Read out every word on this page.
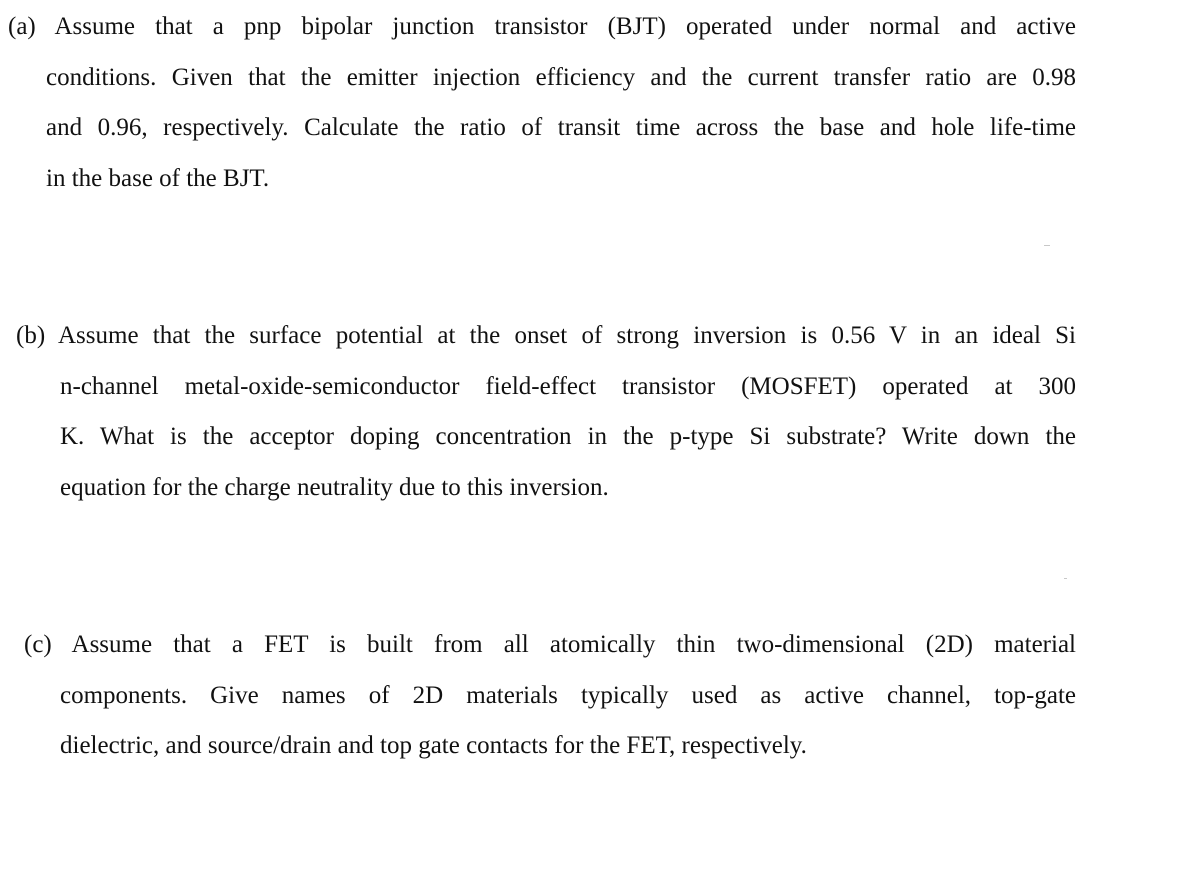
(a) Assume that a pnp bipolar junction transistor (BJT) operated under normal and active
conditions. Given that the emitter injection efficiency and the current transfer ratio are 0.98
and 0.96, respectively. Calculate the ratio of transit time across the base and hole life-time
in the base of the BJT.
(b) Assume that the surface potential at the onset of strong inversion is 0.56 V in an ideal Si
n-channel metal-oxide-semiconductor field-effect transistor (MOSFET) operated at 300
K. What is the acceptor doping concentration in the p-type Si substrate? Write down the
equation for the charge neutrality due to this inversion.
(c) Assume that a FET is built from all atomically thin two-dimensional (2D) material
components. Give names of 2D materials typically used as active channel, top-gate
dielectric, and source/drain and top gate contacts for the FET, respectively.
